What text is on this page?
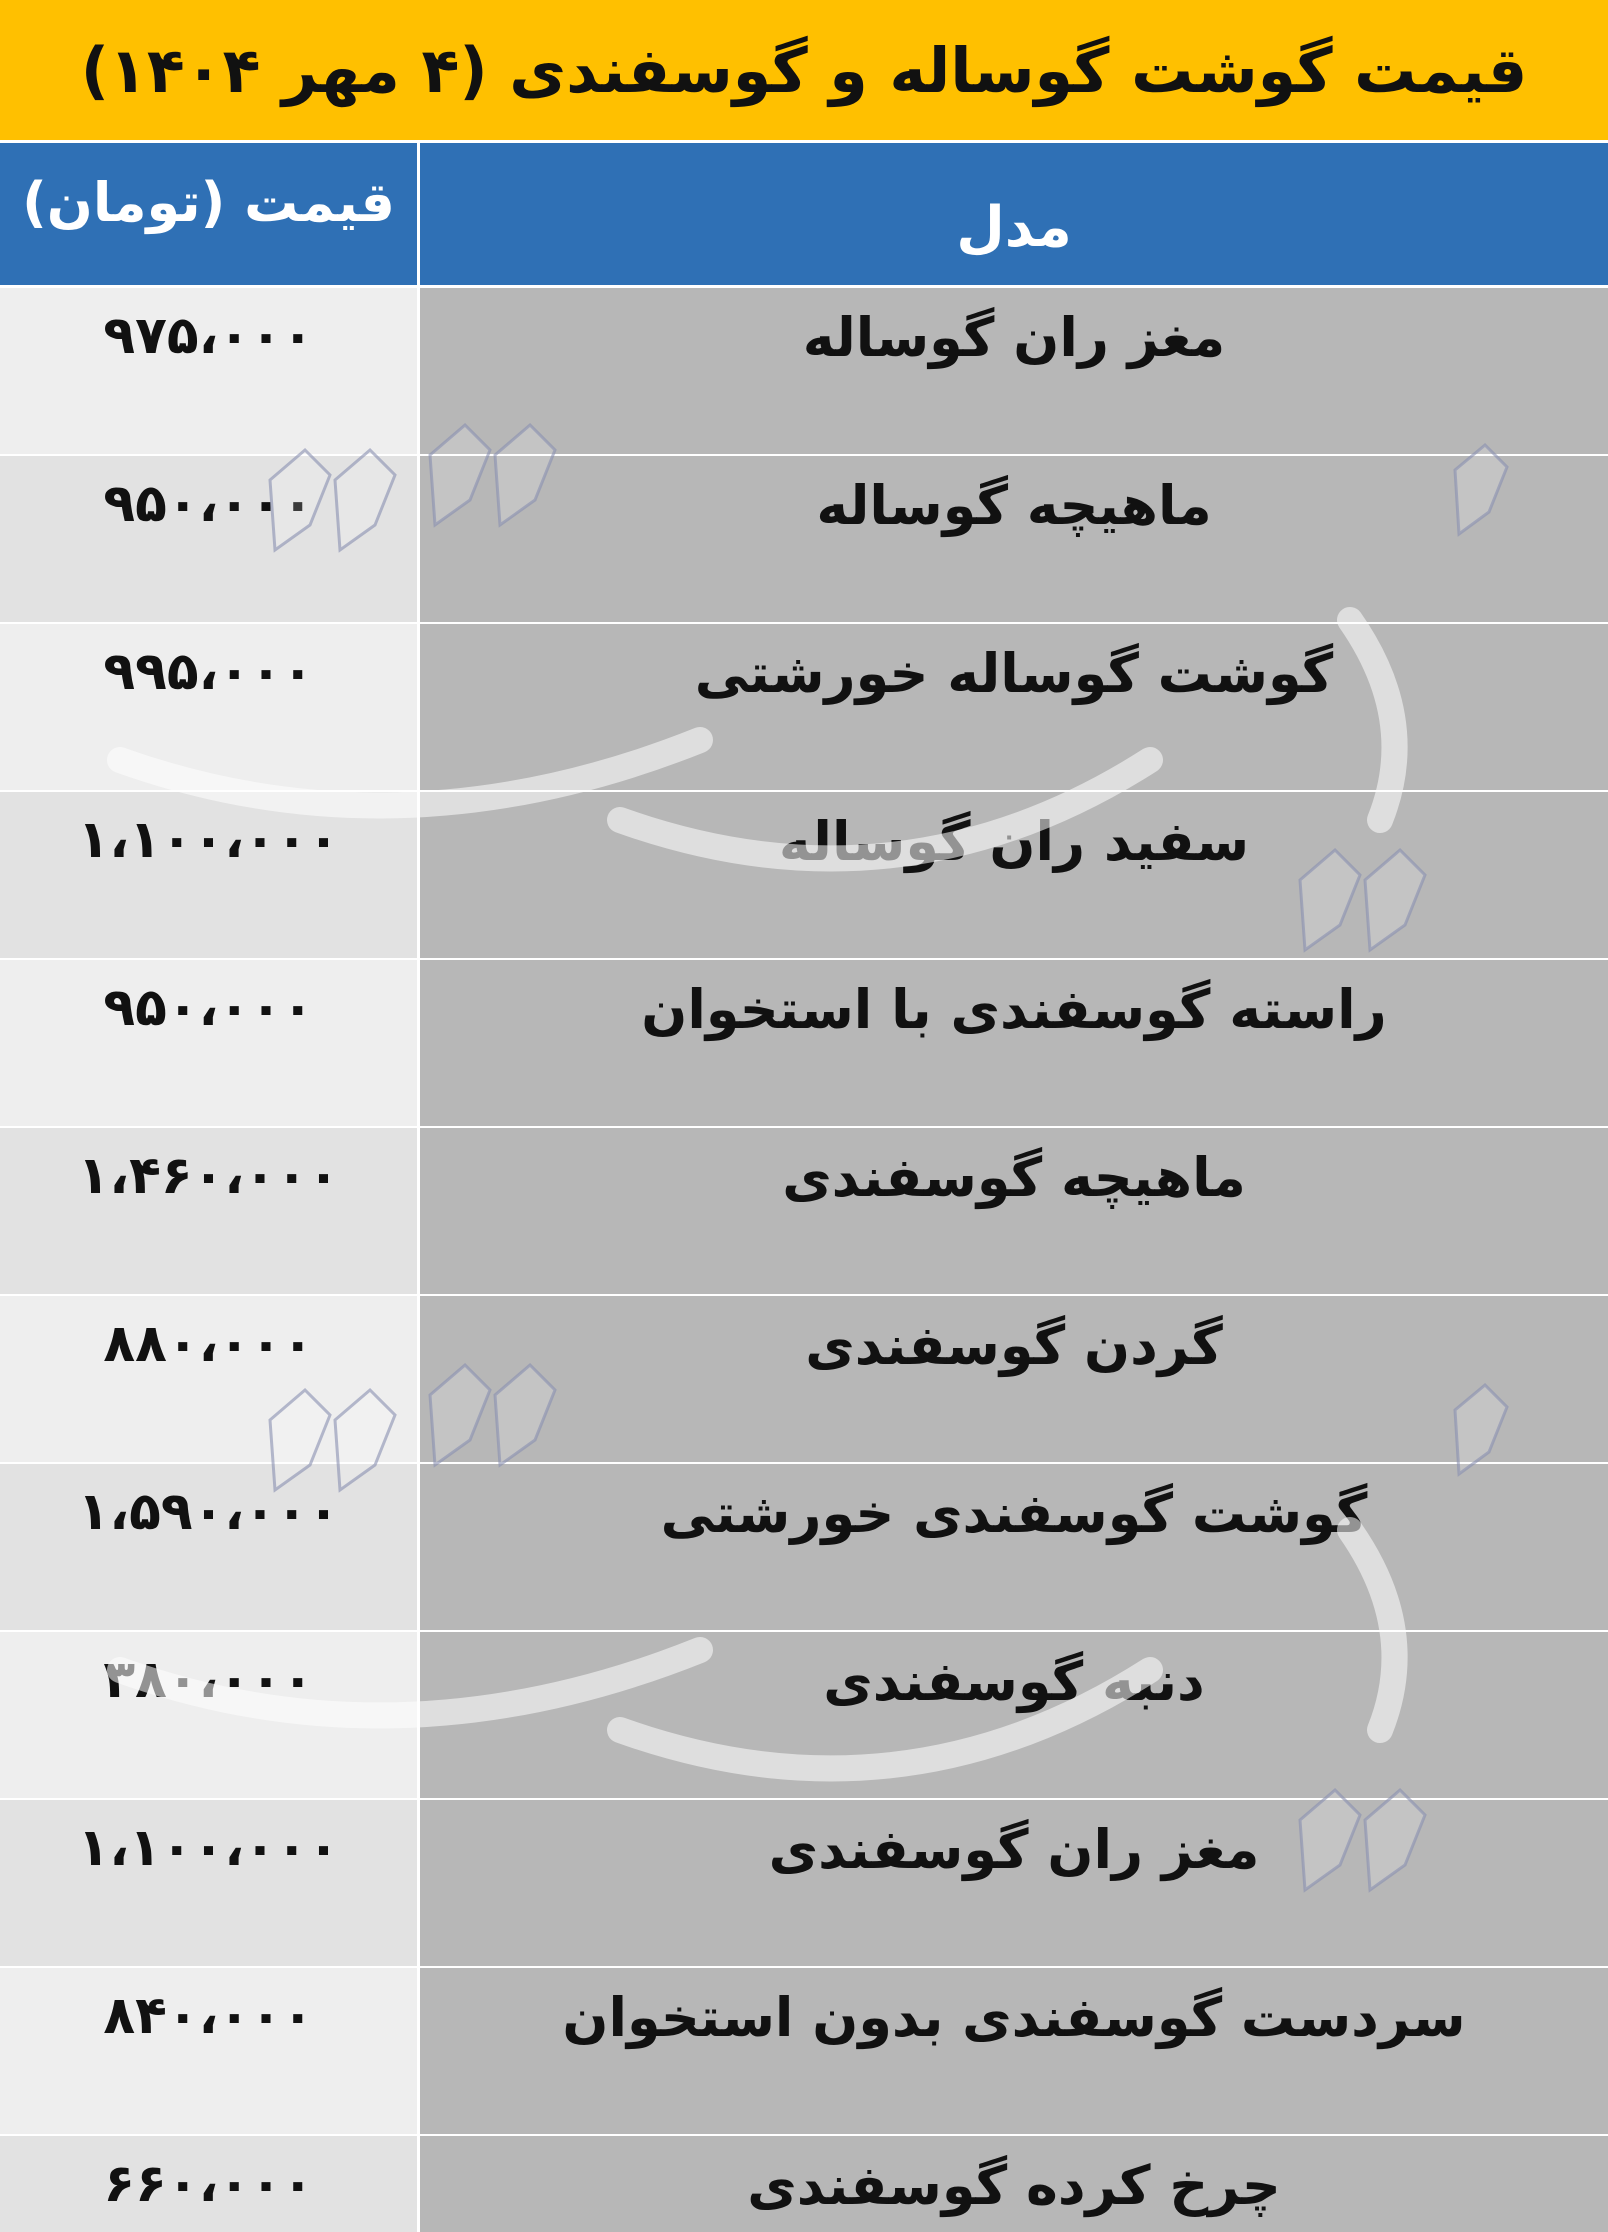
قیمت گوشت گوساله و گوسفندی (۴ مهر ۱۴۰۴)
قیمت (تومان)	مدل
۹۷۵،۰۰۰	مغز ران گوساله
۹۵۰،۰۰۰	ماهیچه گوساله
۹۹۵،۰۰۰	گوشت گوساله خورشتی
۱،۱۰۰،۰۰۰	سفید ران گوساله
۹۵۰،۰۰۰	راسته گوسفندی با استخوان
۱،۴۶۰،۰۰۰	ماهیچه گوسفندی
۸۸۰،۰۰۰	گردن گوسفندی
۱،۵۹۰،۰۰۰	گوشت گوسفندی خورشتی
۳۸۰،۰۰۰	دنبه گوسفندی
۱،۱۰۰،۰۰۰	مغز ران گوسفندی
۸۴۰،۰۰۰	سردست گوسفندی بدون استخوان
۶۶۰،۰۰۰	چرخ کرده گوسفندی
